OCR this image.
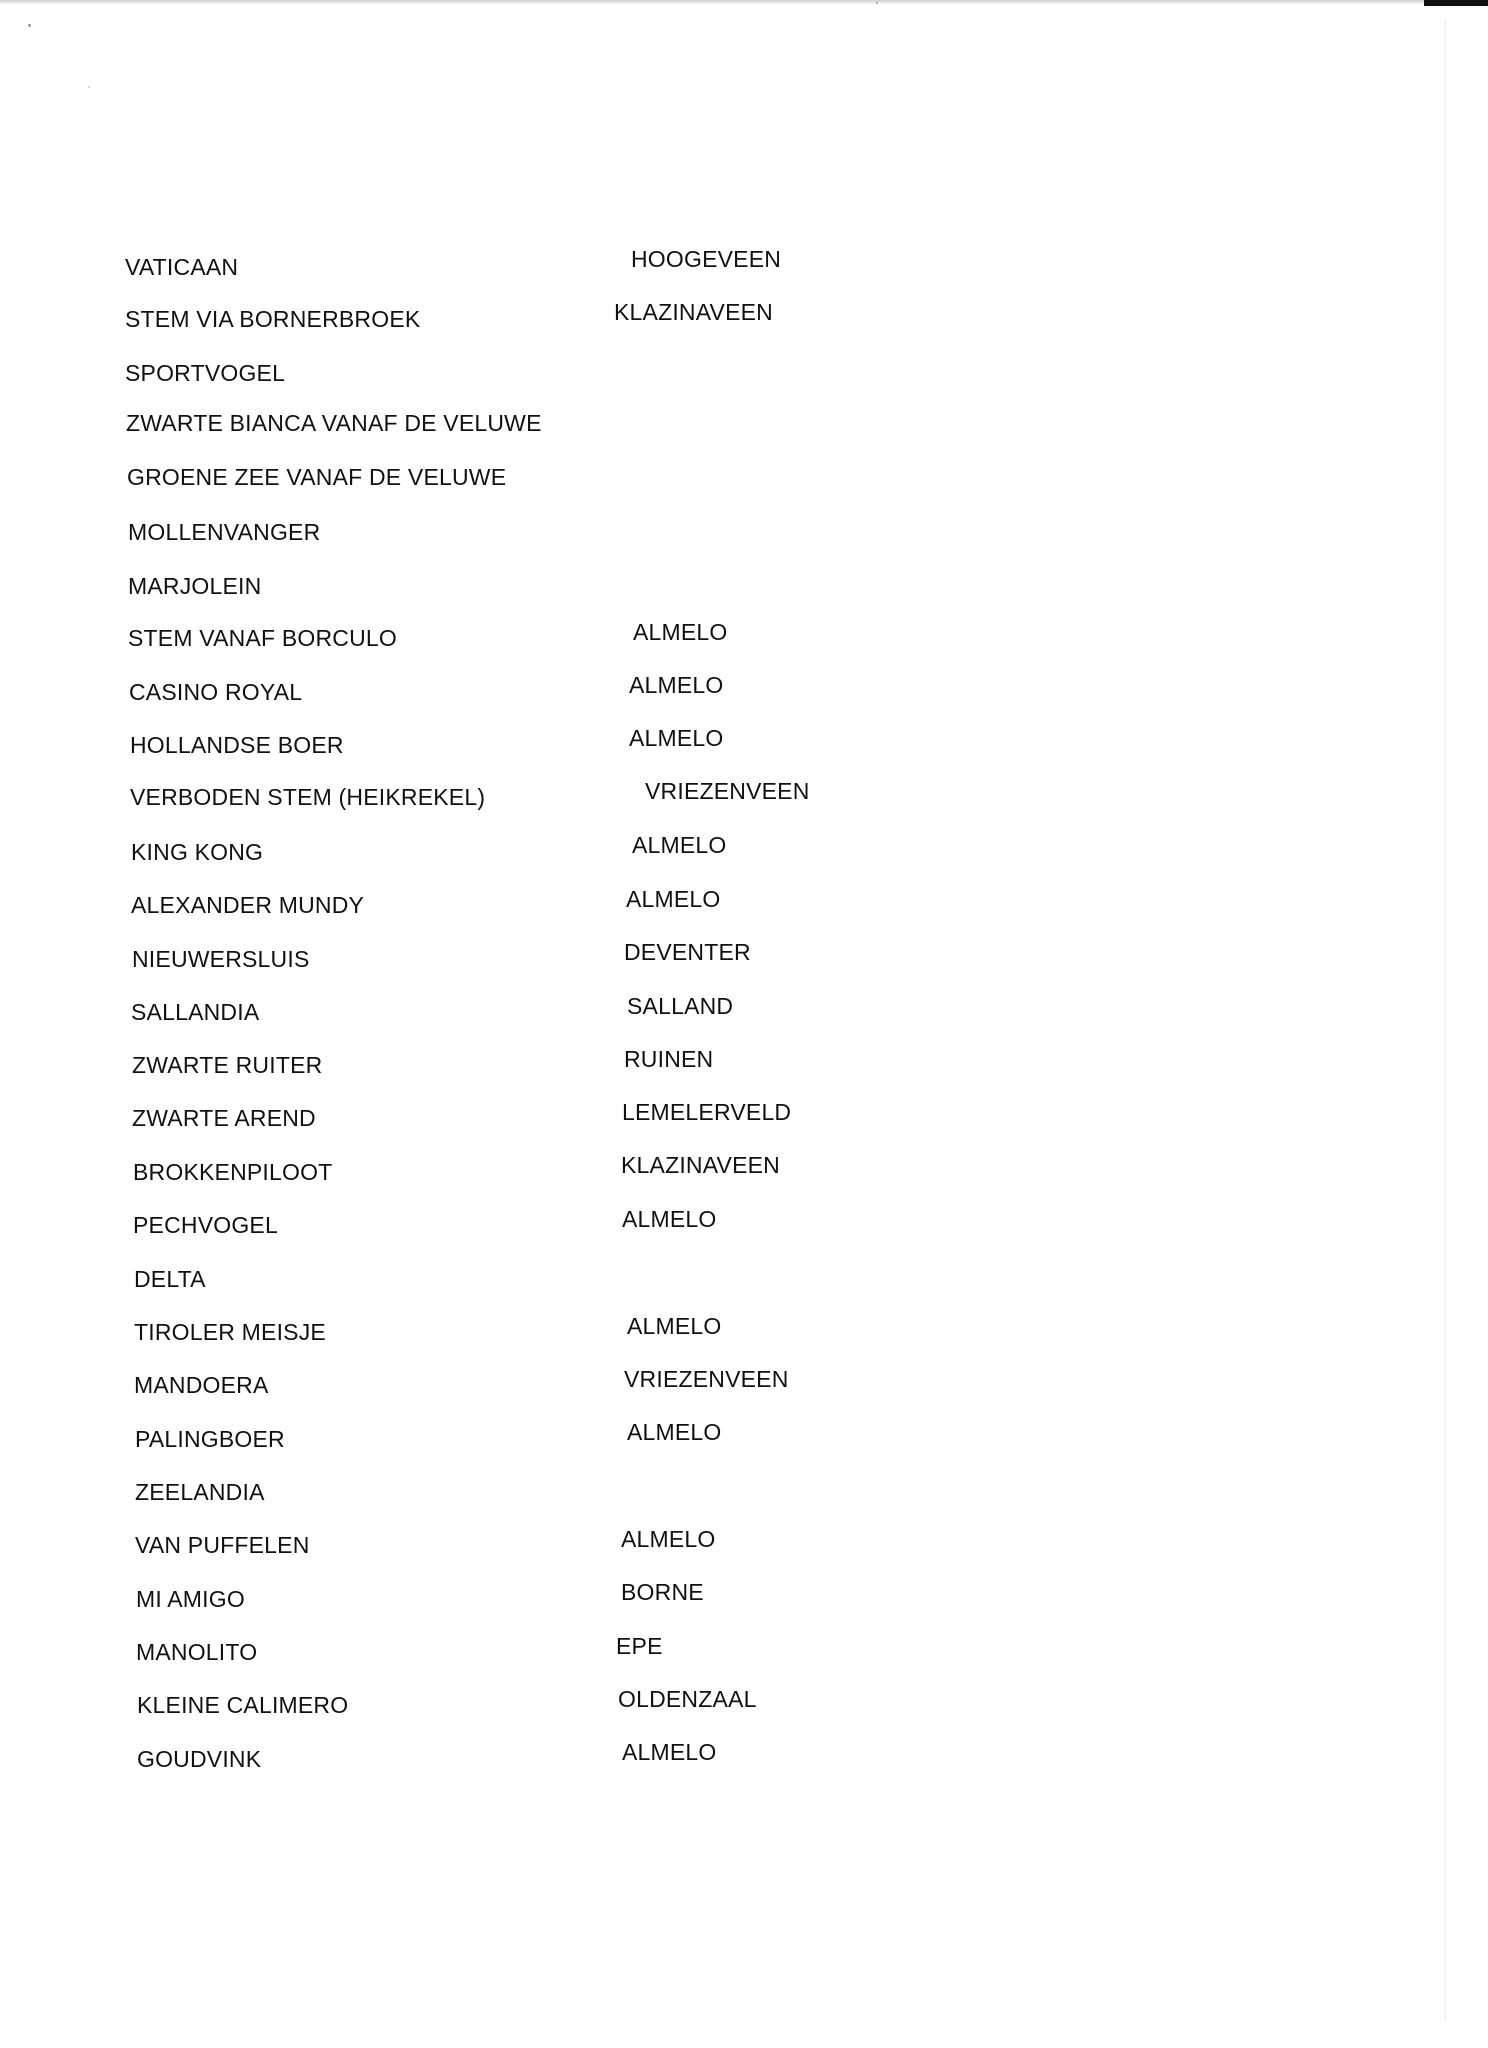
VATICAAN	HOOGEVEEN
STEM VIA BORNERBROEK	KLAZINAVEEN
SPORTVOGEL
ZWARTE BIANCA VANAF DE VELUWE
GROENE ZEE VANAF DE VELUWE
MOLLENVANGER
MARJOLEIN
STEM VANAF BORCULO	ALMELO
CASINO ROYAL	ALMELO
HOLLANDSE BOER	ALMELO
VERBODEN STEM (HEIKREKEL)	VRIEZENVEEN
KING KONG	ALMELO
ALEXANDER MUNDY	ALMELO
NIEUWERSLUIS	DEVENTER
SALLANDIA	SALLAND
ZWARTE RUITER	RUINEN
ZWARTE AREND	LEMELERVELD
BROKKENPILOOT	KLAZINAVEEN
PECHVOGEL	ALMELO
DELTA
TIROLER MEISJE	ALMELO
MANDOERA	VRIEZENVEEN
PALINGBOER	ALMELO
ZEELANDIA
VAN PUFFELEN	ALMELO
MI AMIGO	BORNE
MANOLITO	EPE
KLEINE CALIMERO	OLDENZAAL
GOUDVINK	ALMELO
